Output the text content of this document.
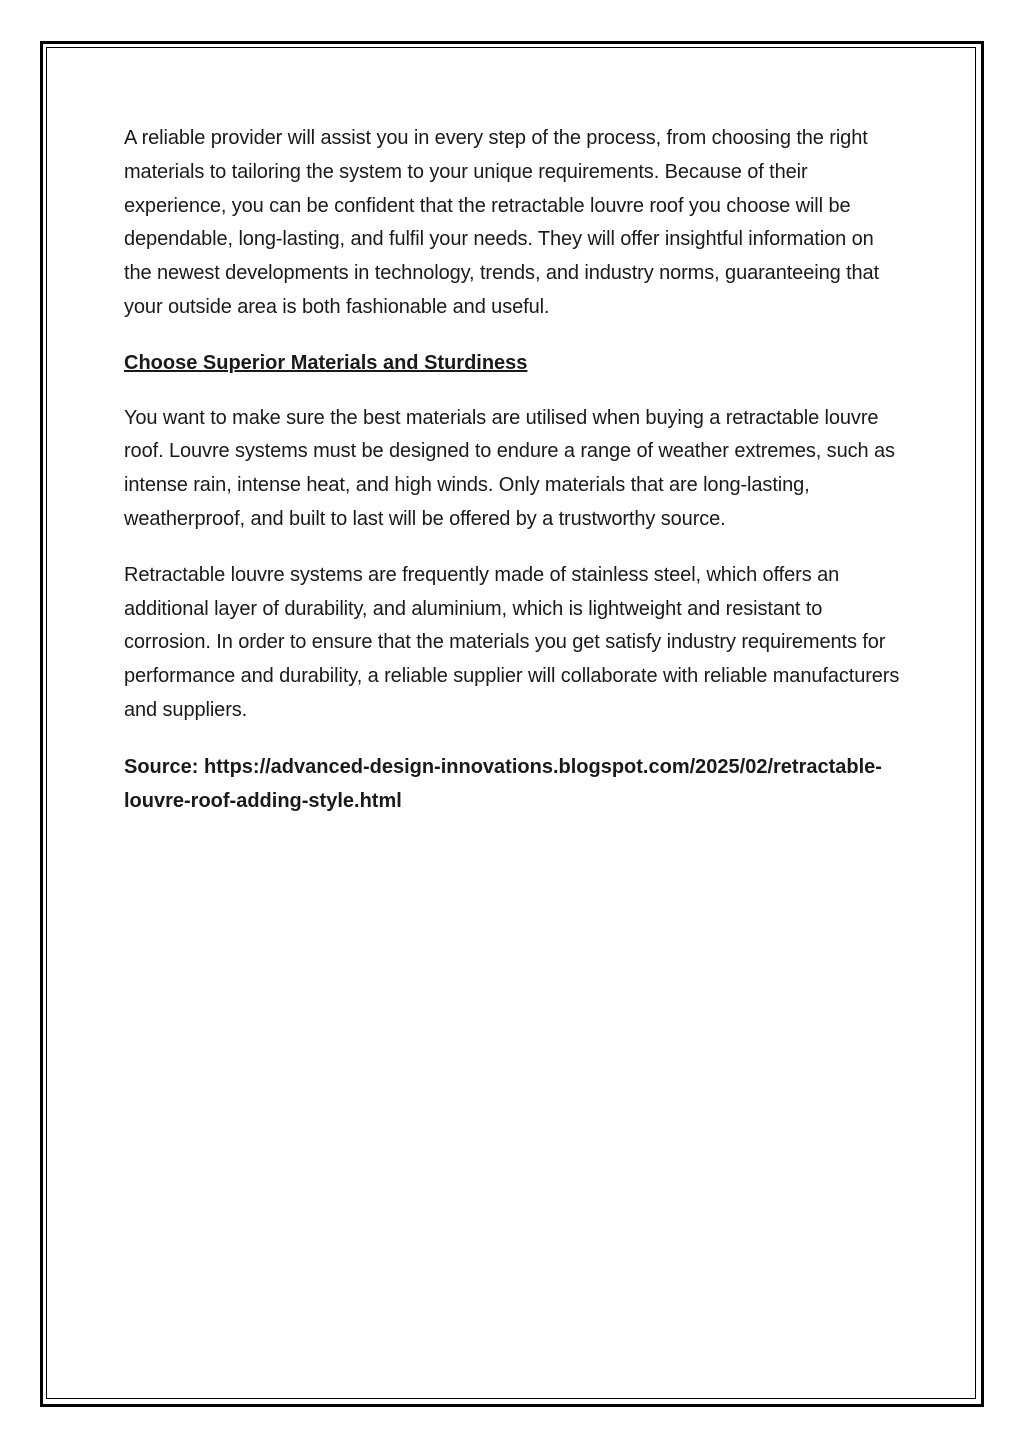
A reliable provider will assist you in every step of the process, from choosing the right materials to tailoring the system to your unique requirements. Because of their experience, you can be confident that the retractable louvre roof you choose will be dependable, long-lasting, and fulfil your needs. They will offer insightful information on the newest developments in technology, trends, and industry norms, guaranteeing that your outside area is both fashionable and useful.

Choose Superior Materials and Sturdiness

You want to make sure the best materials are utilised when buying a retractable louvre roof. Louvre systems must be designed to endure a range of weather extremes, such as intense rain, intense heat, and high winds. Only materials that are long-lasting, weatherproof, and built to last will be offered by a trustworthy source.

Retractable louvre systems are frequently made of stainless steel, which offers an additional layer of durability, and aluminium, which is lightweight and resistant to corrosion. In order to ensure that the materials you get satisfy industry requirements for performance and durability, a reliable supplier will collaborate with reliable manufacturers and suppliers.

Source: https://advanced-design-innovations.blogspot.com/2025/02/retractable-louvre-roof-adding-style.html
